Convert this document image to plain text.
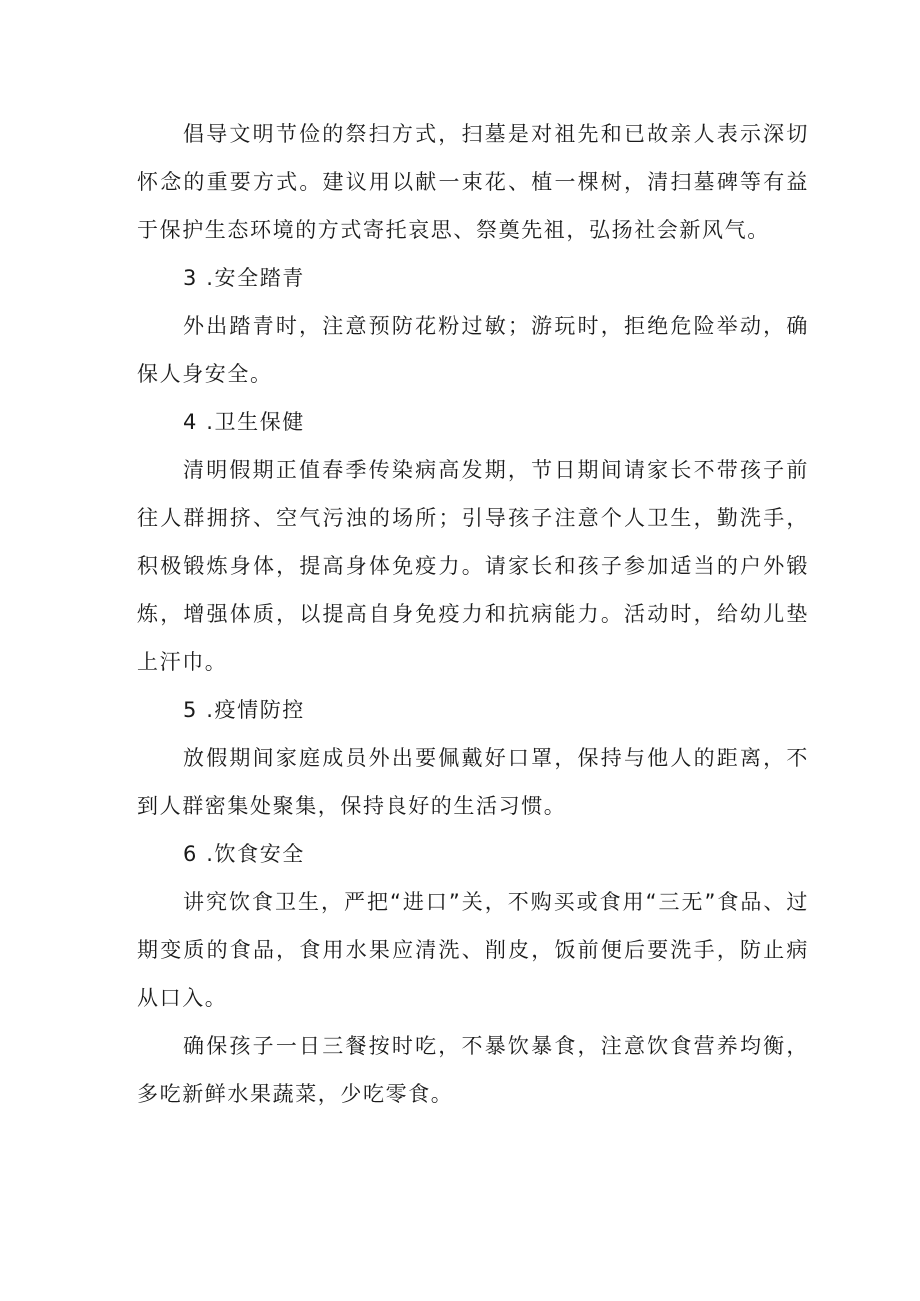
倡导文明节俭的祭扫方式，扫墓是对祖先和已故亲人表示深切怀念的重要方式。建议用以献一束花、植一棵树，清扫墓碑等有益于保护生态环境的方式寄托哀思、祭奠先祖，弘扬社会新风气。

3 .安全踏青

外出踏青时，注意预防花粉过敏；游玩时，拒绝危险举动，确保人身安全。

4 .卫生保健

清明假期正值春季传染病高发期，节日期间请家长不带孩子前往人群拥挤、空气污浊的场所；引导孩子注意个人卫生，勤洗手，积极锻炼身体，提高身体免疫力。请家长和孩子参加适当的户外锻炼，增强体质，以提高自身免疫力和抗病能力。活动时，给幼儿垫上汗巾。

5 .疫情防控

放假期间家庭成员外出要佩戴好口罩，保持与他人的距离，不到人群密集处聚集，保持良好的生活习惯。

6 .饮食安全

讲究饮食卫生，严把“进口”关，不购买或食用“三无”食品、过期变质的食品，食用水果应清洗、削皮，饭前便后要洗手，防止病从口入。

确保孩子一日三餐按时吃，不暴饮暴食，注意饮食营养均衡，多吃新鲜水果蔬菜，少吃零食。
